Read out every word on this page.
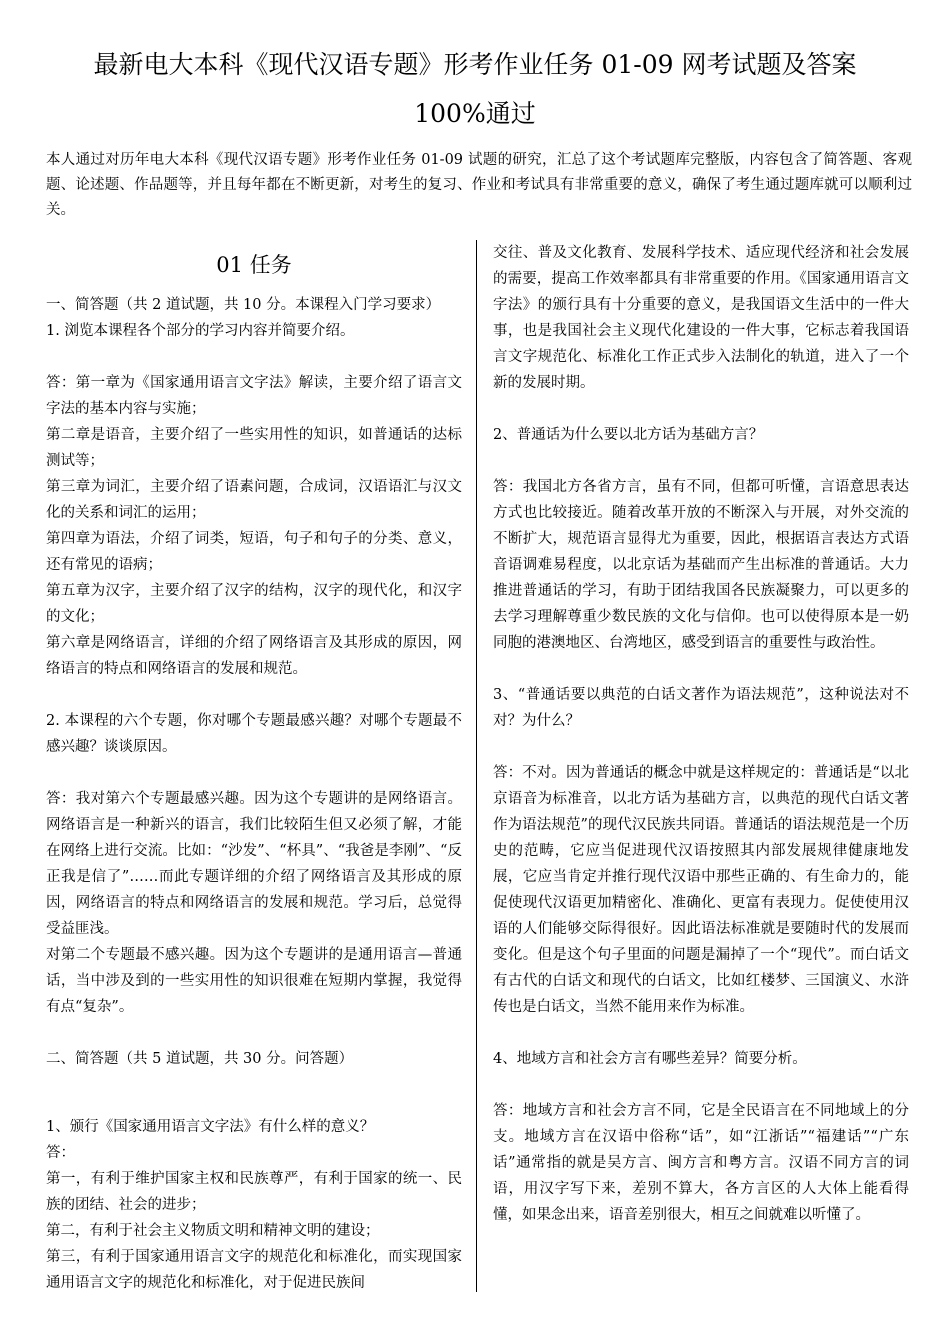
最新电大本科《现代汉语专题》形考作业任务 01-09 网考试题及答案
100%通过

本人通过对历年电大本科《现代汉语专题》形考作业任务 01-09 试题的研究，汇总了这个考试题库完整版，内容包含了简答题、客观题、论述题、作品题等，并且每年都在不断更新，对考生的复习、作业和考试具有非常重要的意义，确保了考生通过题库就可以顺利过关。

01 任务

一、简答题（共 2 道试题，共 10 分。本课程入门学习要求）

1. 浏览本课程各个部分的学习内容并简要介绍。

答：第一章为《国家通用语言文字法》解读，主要介绍了语言文字法的基本内容与实施；

第二章是语音，主要介绍了一些实用性的知识，如普通话的达标测试等；

第三章为词汇，主要介绍了语素问题，合成词，汉语语汇与汉文化的关系和词汇的运用；

第四章为语法，介绍了词类，短语，句子和句子的分类、意义，还有常见的语病；

第五章为汉字，主要介绍了汉字的结构，汉字的现代化，和汉字的文化；

第六章是网络语言，详细的介绍了网络语言及其形成的原因，网络语言的特点和网络语言的发展和规范。

2. 本课程的六个专题，你对哪个专题最感兴趣？对哪个专题最不感兴趣？谈谈原因。

答：我对第六个专题最感兴趣。因为这个专题讲的是网络语言。网络语言是一种新兴的语言，我们比较陌生但又必须了解，才能在网络上进行交流。比如：“沙发”、“杯具”、“我爸是李刚”、“反正我是信了”……而此专题详细的介绍了网络语言及其形成的原因，网络语言的特点和网络语言的发展和规范。学习后，总觉得受益匪浅。

对第二个专题最不感兴趣。因为这个专题讲的是通用语言—普通话，当中涉及到的一些实用性的知识很难在短期内掌握，我觉得有点“复杂”。

二、简答题（共 5 道试题，共 30 分。问答题）

1、颁行《国家通用语言文字法》有什么样的意义？

答：

第一，有利于维护国家主权和民族尊严，有利于国家的统一、民族的团结、社会的进步；

第二，有利于社会主义物质文明和精神文明的建设；

第三，有利于国家通用语言文字的规范化和标准化，而实现国家通用语言文字的规范化和标准化，对于促进民族间

交往、普及文化教育、发展科学技术、适应现代经济和社会发展的需要，提高工作效率都具有非常重要的作用。《国家通用语言文字法》的颁行具有十分重要的意义，是我国语文生活中的一件大事，也是我国社会主义现代化建设的一件大事，它标志着我国语言文字规范化、标准化工作正式步入法制化的轨道，进入了一个新的发展时期。

2、普通话为什么要以北方话为基础方言？

答：我国北方各省方言，虽有不同，但都可听懂，言语意思表达方式也比较接近。随着改革开放的不断深入与开展，对外交流的不断扩大，规范语言显得尤为重要，因此，根据语言表达方式语音语调难易程度，以北京话为基础而产生出标准的普通话。大力推进普通话的学习，有助于团结我国各民族凝聚力，可以更多的去学习理解尊重少数民族的文化与信仰。也可以使得原本是一奶同胞的港澳地区、台湾地区，感受到语言的重要性与政治性。

3、“普通话要以典范的白话文著作为语法规范”，这种说法对不对？为什么？

答：不对。因为普通话的概念中就是这样规定的：普通话是“以北京语音为标准音，以北方话为基础方言，以典范的现代白话文著作为语法规范”的现代汉民族共同语。普通话的语法规范是一个历史的范畴，它应当促进现代汉语按照其内部发展规律健康地发展，它应当肯定并推行现代汉语中那些正确的、有生命力的，能促使现代汉语更加精密化、准确化、更富有表现力。促使使用汉语的人们能够交际得很好。因此语法标准就是要随时代的发展而变化。但是这个句子里面的问题是漏掉了一个“现代”。而白话文有古代的白话文和现代的白话文，比如红楼梦、三国演义、水浒传也是白话文，当然不能用来作为标准。

4、地域方言和社会方言有哪些差异？简要分析。

答：地域方言和社会方言不同，它是全民语言在不同地域上的分支。地域方言在汉语中俗称“话”，如“江浙话”“福建话”“广东话”通常指的就是吴方言、闽方言和粤方言。汉语不同方言的词语，用汉字写下来，差别不算大，各方言区的人大体上能看得懂，如果念出来，语音差别很大，相互之间就难以听懂了。
